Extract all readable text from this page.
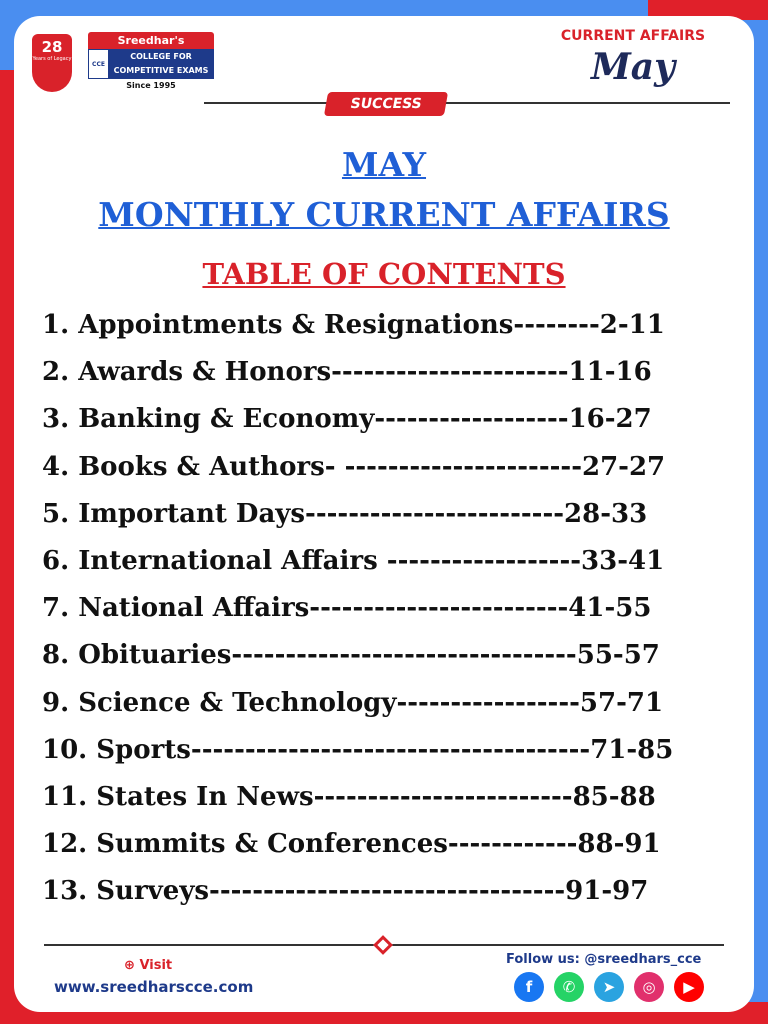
28
Years of Legacy
Sreedhar's
CCE
COLLEGE FOR
COMPETITIVE EXAMS
Since 1995
CURRENT AFFAIRS
May
SUCCESS
MAY
MONTHLY CURRENT AFFAIRS
TABLE OF CONTENTS
1. Appointments & Resignations--------2-11
2. Awards & Honors----------------------11-16
3. Banking & Economy------------------16-27
4. Books & Authors- ----------------------27-27
5. Important Days------------------------28-33
6. International Affairs ------------------33-41
7. National Affairs------------------------41-55
8. Obituaries--------------------------------55-57
9. Science & Technology-----------------57-71
10. Sports-------------------------------------71-85
11. States In News------------------------85-88
12. Summits & Conferences------------88-91
13. Surveys---------------------------------91-97
⊕ Visit
www.sreedharscce.com
Follow us: @sreedhars_cce
f	✆	➤	◎	▶
